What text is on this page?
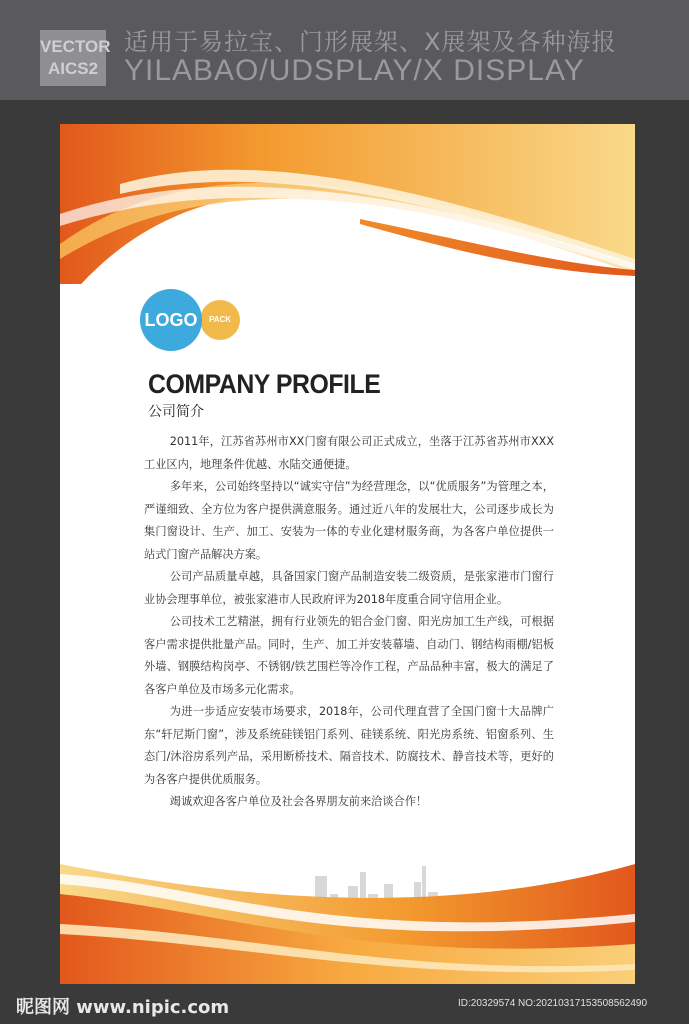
VECTOR
AICS2
适用于易拉宝、门形展架、X展架及各种海报
YILABAO/UDSPLAY/X DISPLAY
PACK
LOGO
COMPANY PROFILE
公司简介

2011年，江苏省苏州市XX门窗有限公司正式成立，坐落于江苏省苏州市XXX工业区内，地理条件优越、水陆交通便捷。

多年来，公司始终坚持以“诚实守信”为经营理念，以“优质服务”为管理之本，严谨细致、全方位为客户提供满意服务。通过近八年的发展壮大，公司逐步成长为集门窗设计、生产、加工、安装为一体的专业化建材服务商，为各客户单位提供一站式门窗产品解决方案。

公司产品质量卓越，具备国家门窗产品制造安装二级资质，是张家港市门窗行业协会理事单位，被张家港市人民政府评为2018年度重合同守信用企业。

公司技术工艺精湛，拥有行业领先的铝合金门窗、阳光房加工生产线，可根据客户需求提供批量产品。同时，生产、加工并安装幕墙、自动门、钢结构雨棚/铝板外墙、钢膜结构岗亭、不锈钢/铁艺围栏等冷作工程，产品品种丰富，极大的满足了各客户单位及市场多元化需求。

为进一步适应安装市场要求，2018年，公司代理直营了全国门窗十大品牌广东“轩尼斯门窗”，涉及系统硅镁铝门系列、硅镁系统、阳光房系统、铝窗系列、生态门/沐浴房系列产品，采用断桥技术、隔音技术、防腐技术、静音技术等，更好的为各客户提供优质服务。

竭诚欢迎各客户单位及社会各界朋友前来洽谈合作！

昵图网 www.nipic.com	ID:20329574 NO:20210317153508562490
